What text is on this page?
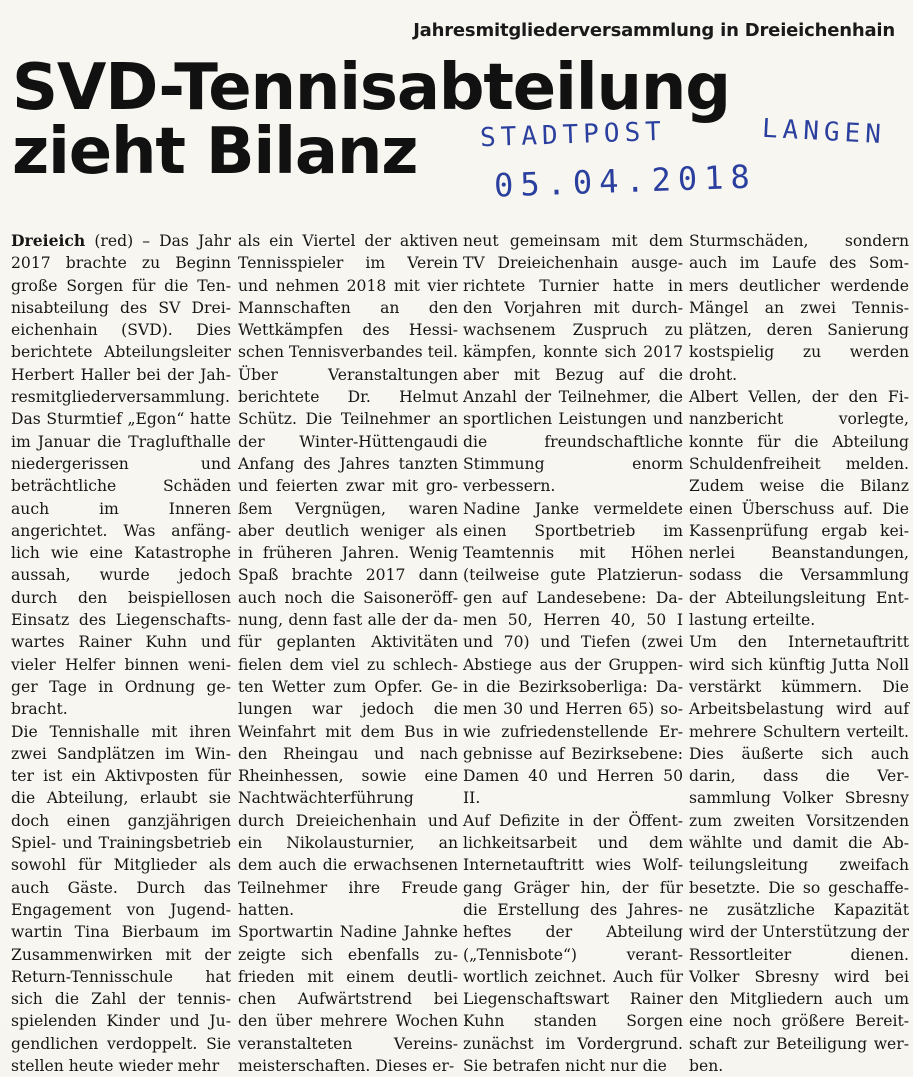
Jahresmitgliederversammlung in Dreieichenhain
SVD-Tennisabteilung
zieht Bilanz	STADTPOST	LANGEN
05.04.2018

Dreieich (red) – Das Jahr 2017 brachte zu Beginn große Sorgen für die Tennisabteilung des SV Dreieichenhain (SVD). Dies berichtete Abteilungsleiter Herbert Haller bei der Jahresmitgliederversammlung. Das Sturmtief „Egon“ hatte im Januar die Traglufthalle niedergerissen und beträchtliche Schäden auch im Inneren angerichtet. Was anfänglich wie eine Katastrophe aussah, wurde jedoch durch den beispiellosen Einsatz des Liegenschaftswartes Rainer Kuhn und vieler Helfer binnen weniger Tage in Ordnung gebracht.

Die Tennishalle mit ihren zwei Sandplätzen im Winter ist ein Aktivposten für die Abteilung, erlaubt sie doch einen ganzjährigen Spiel- und Trainingsbetrieb sowohl für Mitglieder als auch Gäste. Durch das Engagement von Jugendwartin Tina Bierbaum im Zusammenwirken mit der Return-Tennisschule hat sich die Zahl der tennisspielenden Kinder und Jugendlichen verdoppelt. Sie stellen heute wieder mehr

als ein Viertel der aktiven Tennisspieler im Verein und nehmen 2018 mit vier Mannschaften an den Wettkämpfen des Hessischen Tennisverbandes teil. Über Veranstaltungen berichtete Dr. Helmut Schütz. Die Teilnehmer an der Winter-Hüttengaudi Anfang des Jahres tanzten und feierten zwar mit großem Vergnügen, waren aber deutlich weniger als in früheren Jahren. Wenig Spaß brachte 2017 dann auch noch die Saisoneröffnung, denn fast alle der dafür geplanten Aktivitäten fielen dem viel zu schlechten Wetter zum Opfer. Gelungen war jedoch die Weinfahrt mit dem Bus in den Rheingau und nach Rheinhessen, sowie eine Nachtwächterführung durch Dreieichenhain und ein Nikolausturnier, an dem auch die erwachsenen Teilnehmer ihre Freude hatten.

Sportwartin Nadine Jahnke zeigte sich ebenfalls zufrieden mit einem deutlichen Aufwärtstrend bei den über mehrere Wochen veranstalteten Vereinsmeisterschaften. Dieses er-

neut gemeinsam mit dem TV Dreieichenhain ausgerichtete Turnier hatte in den Vorjahren mit durchwachsenem Zuspruch zu kämpfen, konnte sich 2017 aber mit Bezug auf die Anzahl der Teilnehmer, die sportlichen Leistungen und die freundschaftliche Stimmung enorm verbessern.

Nadine Janke vermeldete einen Sportbetrieb im Teamtennis mit Höhen (teilweise gute Platzierungen auf Landesebene: Damen 50, Herren 40, 50 I und 70) und Tiefen (zwei Abstiege aus der Gruppen- in die Bezirksoberliga: Damen 30 und Herren 65) sowie zufriedenstellende Ergebnisse auf Bezirksebene: Damen 40 und Herren 50 II.

Auf Defizite in der Öffentlichkeitsarbeit und dem Internetauftritt wies Wolfgang Gräger hin, der für die Erstellung des Jahresheftes der Abteilung („Tennisbote“) verantwortlich zeichnet. Auch für Liegenschaftswart Rainer Kuhn standen Sorgen zunächst im Vordergrund. Sie betrafen nicht nur die

Sturmschäden, sondern auch im Laufe des Sommers deutlicher werdende Mängel an zwei Tennisplätzen, deren Sanierung kostspielig zu werden droht.

Albert Vellen, der den Finanzbericht vorlegte, konnte für die Abteilung Schuldenfreiheit melden. Zudem weise die Bilanz einen Überschuss auf. Die Kassenprüfung ergab keinerlei Beanstandungen, sodass die Versammlung der Abteilungsleitung Entlastung erteilte.

Um den Internetauftritt wird sich künftig Jutta Noll verstärkt kümmern. Die Arbeitsbelastung wird auf mehrere Schultern verteilt. Dies äußerte sich auch darin, dass die Versammlung Volker Sbresny zum zweiten Vorsitzenden wählte und damit die Abteilungsleitung zweifach besetzte. Die so geschaffene zusätzliche Kapazität wird der Unterstützung der Ressortleiter dienen. Volker Sbresny wird bei den Mitgliedern auch um eine noch größere Bereitschaft zur Beteiligung werben.
